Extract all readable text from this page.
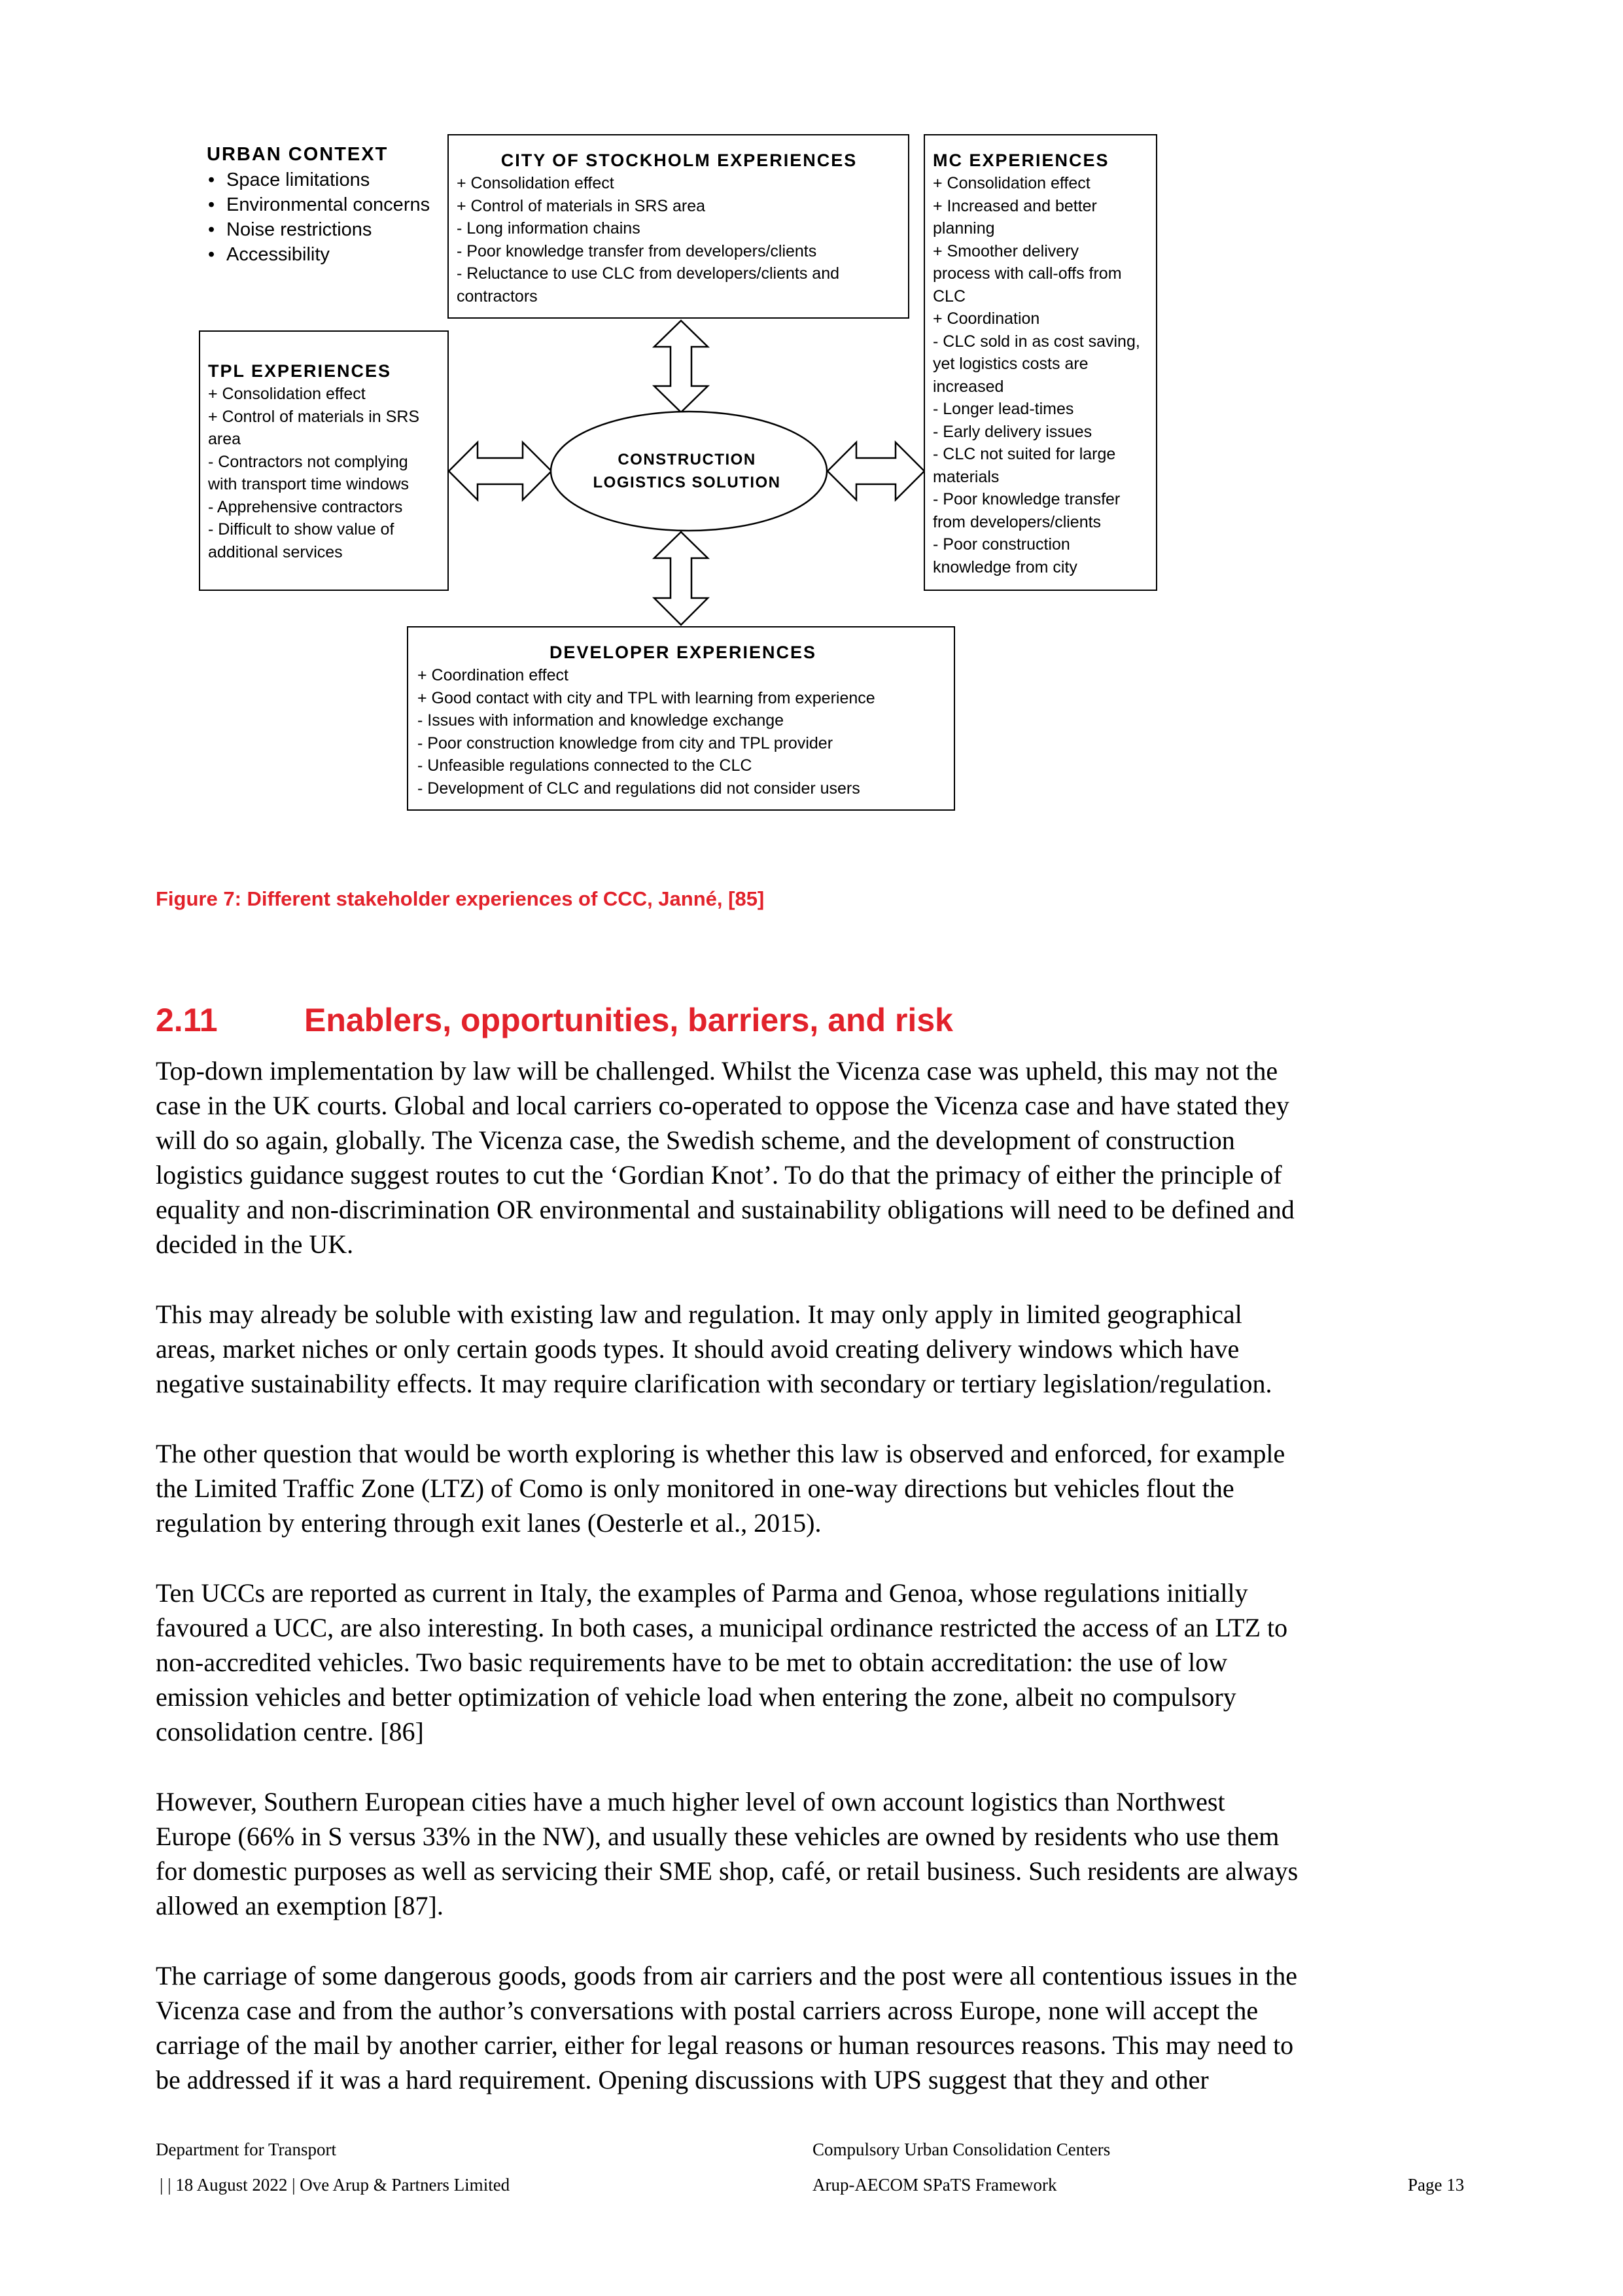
URBAN CONTEXT
• Space limitations
• Environmental concerns
• Noise restrictions
• Accessibility
CITY OF STOCKHOLM EXPERIENCES
+ Consolidation effect
+ Control of materials in SRS area
- Long information chains
- Poor knowledge transfer from developers/clients
- Reluctance to use CLC from developers/clients and
contractors
MC EXPERIENCES
+ Consolidation effect
+ Increased and better
planning
+ Smoother delivery
process with call-offs from
CLC
+ Coordination
- CLC sold in as cost saving,
yet logistics costs are
increased
- Longer lead-times
- Early delivery issues
- CLC not suited for large
materials
- Poor knowledge transfer
from developers/clients
- Poor construction
knowledge from city
TPL EXPERIENCES
+ Consolidation effect
+ Control of materials in SRS
area
- Contractors not complying
with transport time windows
- Apprehensive contractors
- Difficult to show value of
additional services
CONSTRUCTION
LOGISTICS SOLUTION
DEVELOPER EXPERIENCES
+ Coordination effect
+ Good contact with city and TPL with learning from experience
- Issues with information and knowledge exchange
- Poor construction knowledge from city and TPL provider
- Unfeasible regulations connected to the CLC
- Development of CLC and regulations did not consider users
Figure 7: Different stakeholder experiences of CCC, Janné, [85]
2.11	Enablers, opportunities, barriers, and risk
Top-down implementation by law will be challenged. Whilst the Vicenza case was upheld, this may not the
case in the UK courts. Global and local carriers co-operated to oppose the Vicenza case and have stated they
will do so again, globally. The Vicenza case, the Swedish scheme, and the development of construction
logistics guidance suggest routes to cut the ‘Gordian Knot’. To do that the primacy of either the principle of
equality and non-discrimination OR environmental and sustainability obligations will need to be defined and
decided in the UK.
This may already be soluble with existing law and regulation. It may only apply in limited geographical
areas, market niches or only certain goods types. It should avoid creating delivery windows which have
negative sustainability effects. It may require clarification with secondary or tertiary legislation/regulation.
The other question that would be worth exploring is whether this law is observed and enforced, for example
the Limited Traffic Zone (LTZ) of Como is only monitored in one-way directions but vehicles flout the
regulation by entering through exit lanes (Oesterle et al., 2015).
Ten UCCs are reported as current in Italy, the examples of Parma and Genoa, whose regulations initially
favoured a UCC, are also interesting. In both cases, a municipal ordinance restricted the access of an LTZ to
non-accredited vehicles. Two basic requirements have to be met to obtain accreditation: the use of low
emission vehicles and better optimization of vehicle load when entering the zone, albeit no compulsory
consolidation centre. [86]
However, Southern European cities have a much higher level of own account logistics than Northwest
Europe (66% in S versus 33% in the NW), and usually these vehicles are owned by residents who use them
for domestic purposes as well as servicing their SME shop, café, or retail business. Such residents are always
allowed an exemption [87].
The carriage of some dangerous goods, goods from air carriers and the post were all contentious issues in the
Vicenza case and from the author’s conversations with postal carriers across Europe, none will accept the
carriage of the mail by another carrier, either for legal reasons or human resources reasons. This may need to
be addressed if it was a hard requirement. Opening discussions with UPS suggest that they and other
Department for Transport
| | 18 August 2022 | Ove Arup & Partners Limited
Compulsory Urban Consolidation Centers
Arup-AECOM SPaTS Framework	Page 13
